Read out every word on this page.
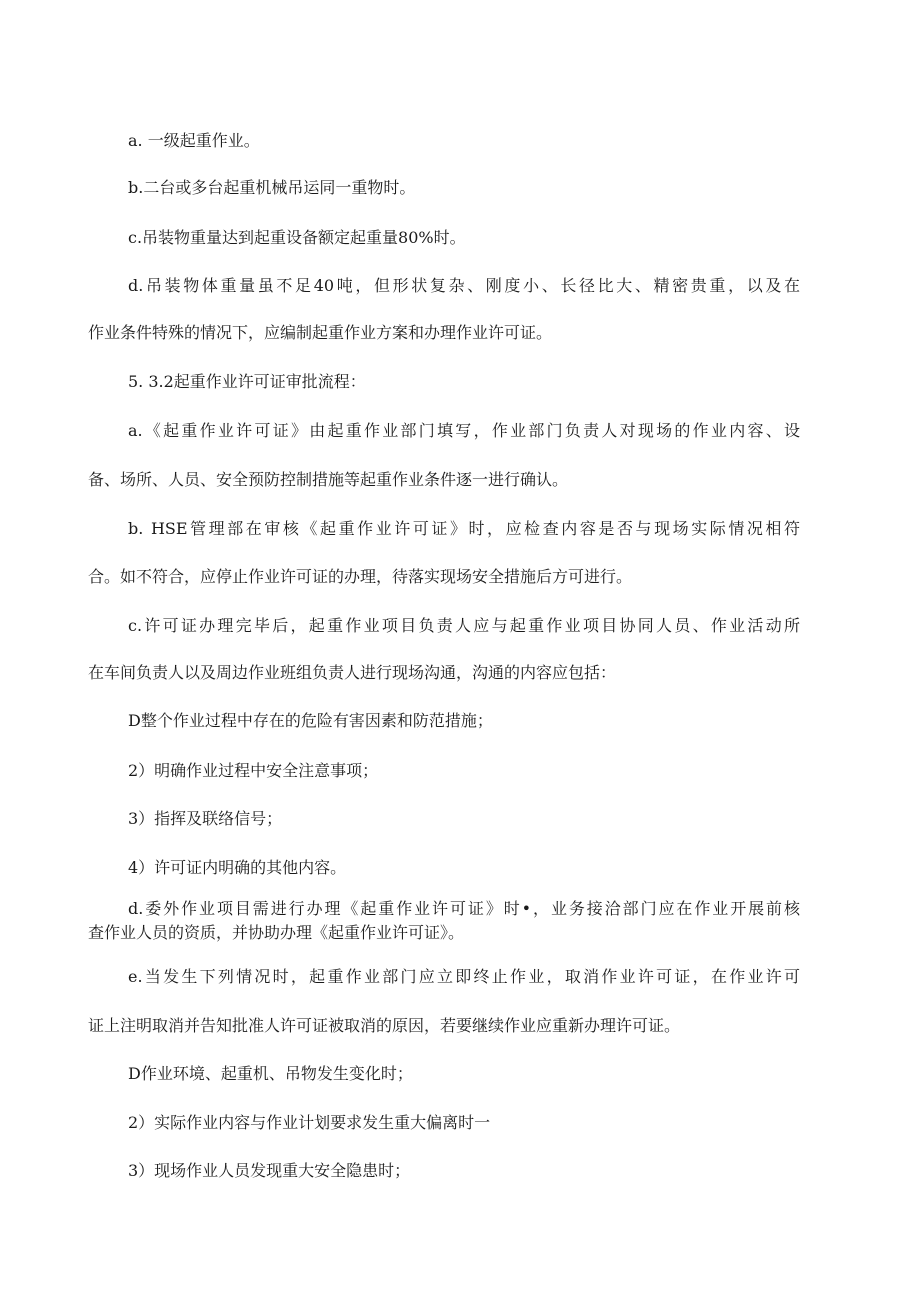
a. 一级起重作业。
b.二台或多台起重机械吊运同一重物时。
c.吊装物重量达到起重设备额定起重量80%时。
d.吊装物体重量虽不足40吨，但形状复杂、刚度小、长径比大、精密贵重，以及在
作业条件特殊的情况下，应编制起重作业方案和办理作业许可证。
5. 3.2起重作业许可证审批流程：
a.《起重作业许可证》由起重作业部门填写，作业部门负责人对现场的作业内容、设
备、场所、人员、安全预防控制措施等起重作业条件逐一进行确认。
b. HSE管理部在审核《起重作业许可证》时，应检查内容是否与现场实际情况相符
合。如不符合，应停止作业许可证的办理，待落实现场安全措施后方可进行。
c.许可证办理完毕后，起重作业项目负责人应与起重作业项目协同人员、作业活动所
在车间负责人以及周边作业班组负责人进行现场沟通，沟通的内容应包括：
D整个作业过程中存在的危险有害因素和防范措施；
2）明确作业过程中安全注意事项；
3）指挥及联络信号；
4）许可证内明确的其他内容。
d.委外作业项目需进行办理《起重作业许可证》时•，业务接洽部门应在作业开展前核
查作业人员的资质，并协助办理《起重作业许可证》。
e.当发生下列情况时，起重作业部门应立即终止作业，取消作业许可证，在作业许可
证上注明取消并告知批准人许可证被取消的原因，若要继续作业应重新办理许可证。
D作业环境、起重机、吊物发生变化时；
2）实际作业内容与作业计划要求发生重大偏离时一
3）现场作业人员发现重大安全隐患时；
